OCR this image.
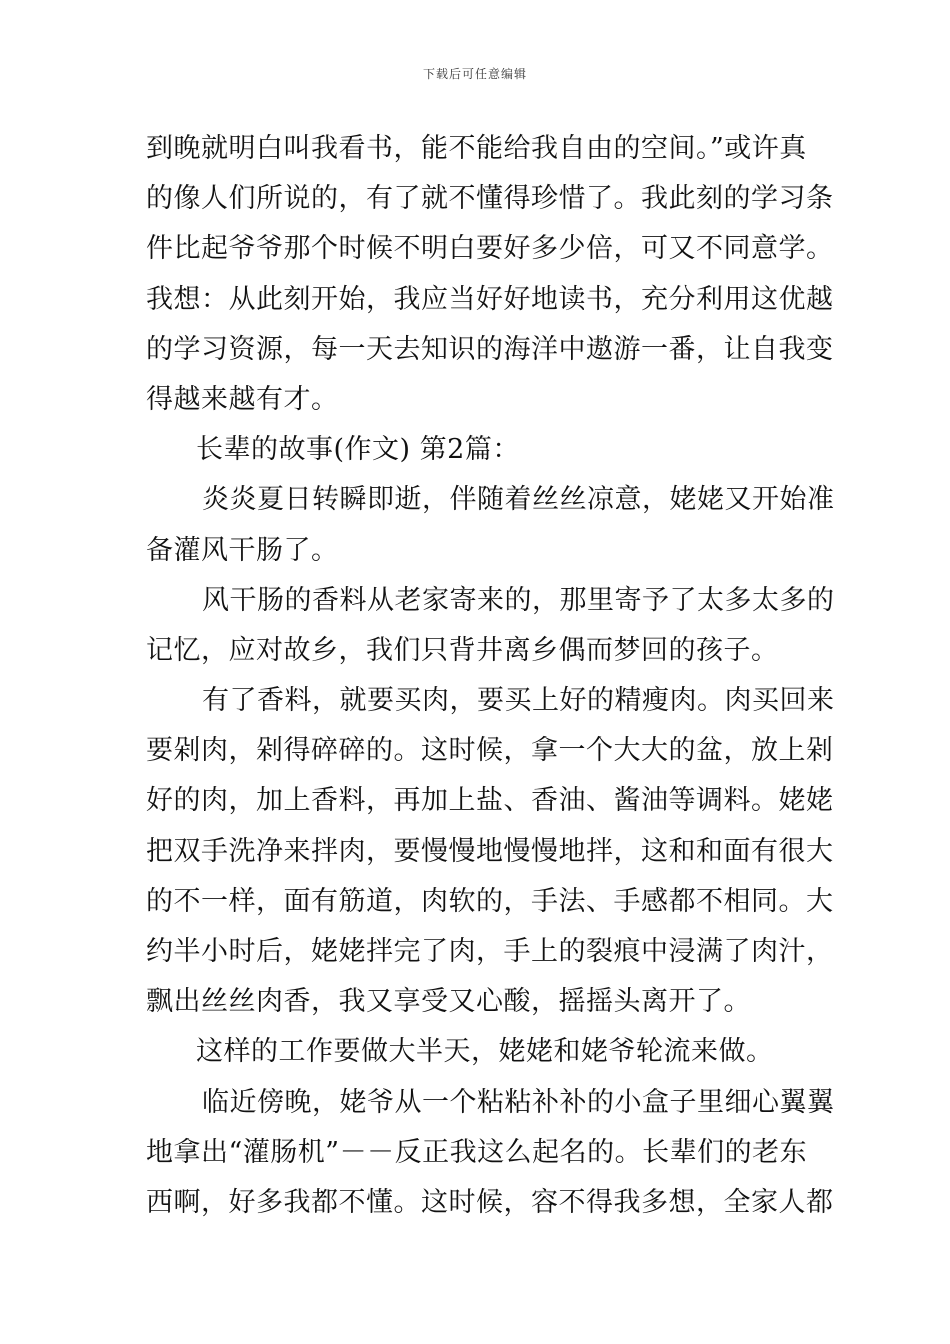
下载后可任意编辑
到晚就明白叫我看书，能不能给我自由的空间。”或许真
的像人们所说的，有了就不懂得珍惜了。我此刻的学习条
件比起爷爷那个时候不明白要好多少倍，可又不同意学。
我想：从此刻开始，我应当好好地读书，充分利用这优越
的学习资源，每一天去知识的海洋中遨游一番，让自我变
得越来越有才。
长辈的故事(作文) 第2篇：
炎炎夏日转瞬即逝，伴随着丝丝凉意，姥姥又开始准
备灌风干肠了。
风干肠的香料从老家寄来的，那里寄予了太多太多的
记忆，应对故乡，我们只背井离乡偶而梦回的孩子。
有了香料，就要买肉，要买上好的精瘦肉。肉买回来
要剁肉，剁得碎碎的。这时候，拿一个大大的盆，放上剁
好的肉，加上香料，再加上盐、香油、酱油等调料。姥姥
把双手洗净来拌肉，要慢慢地慢慢地拌，这和和面有很大
的不一样，面有筋道，肉软的，手法、手感都不相同。大
约半小时后，姥姥拌完了肉，手上的裂痕中浸满了肉汁，
飘出丝丝肉香，我又享受又心酸，摇摇头离开了。
这样的工作要做大半天，姥姥和姥爷轮流来做。
临近傍晚，姥爷从一个粘粘补补的小盒子里细心翼翼
地拿出“灌肠机”－－反正我这么起名的。长辈们的老东
西啊，好多我都不懂。这时候，容不得我多想，全家人都
